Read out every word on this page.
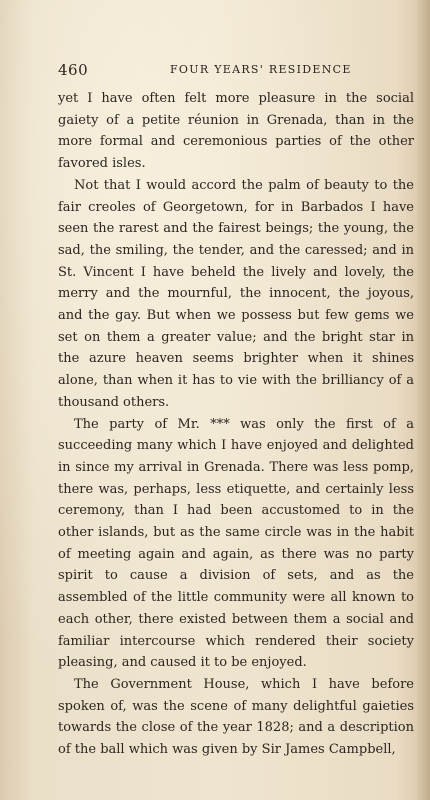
460	FOUR YEARS' RESIDENCE

yet I have often felt more pleasure in the social gaiety of a petite réunion in Grenada, than in the more formal and ceremonious parties of the other favored isles.

Not that I would accord the palm of beauty to the fair creoles of Georgetown, for in Barbados I have seen the rarest and the fairest beings; the young, the sad, the smiling, the tender, and the caressed; and in St. Vincent I have beheld the lively and lovely, the merry and the mournful, the innocent, the joyous, and the gay. But when we possess but few gems we set on them a greater value; and the bright star in the azure heaven seems brighter when it shines alone, than when it has to vie with the brilliancy of a thousand others.

The party of Mr. *** was only the first of a succeeding many which I have enjoyed and delighted in since my arrival in Grenada. There was less pomp, there was, perhaps, less etiquette, and certainly less ceremony, than I had been accustomed to in the other islands, but as the same circle was in the habit of meeting again and again, as there was no party spirit to cause a division of sets, and as the assembled of the little community were all known to each other, there existed between them a social and familiar intercourse which rendered their society pleasing, and caused it to be enjoyed.

The Government House, which I have before spoken of, was the scene of many delightful gaieties towards the close of the year 1828; and a description of the ball which was given by Sir James Campbell,
